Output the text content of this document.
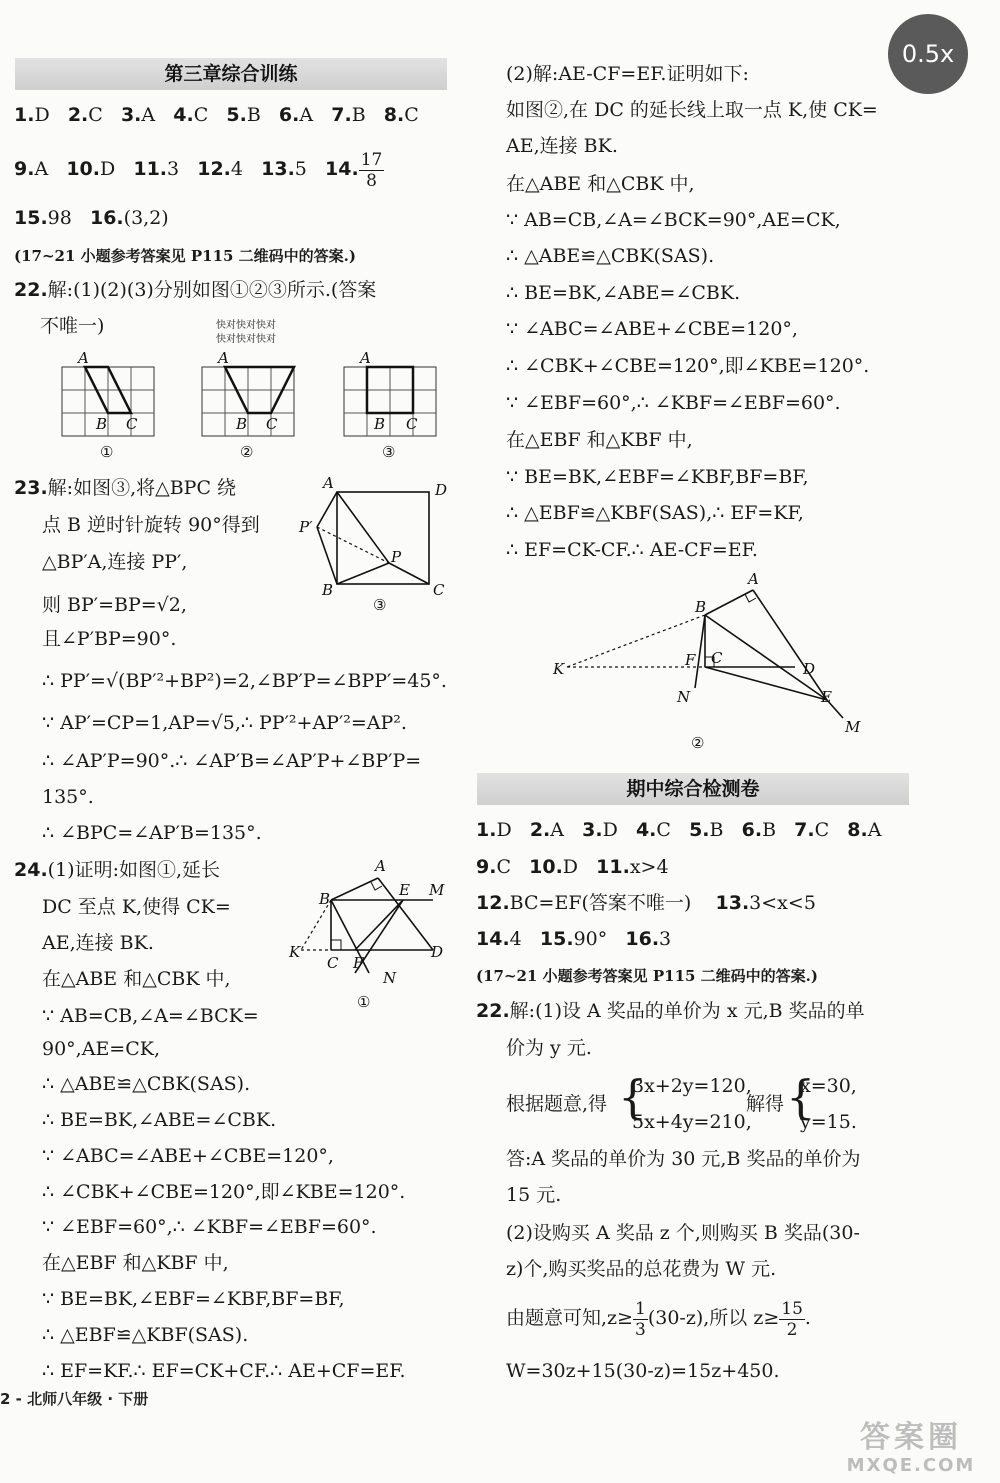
第三章综合训练
1.D 2.C 3.A 4.C 5.B 6.A 7.B 8.C
9.A 10.D 11.3 12.4 13.5 14. $\frac{17}{8}$
15.98 16.(3,2)
(17~21 小题参考答案见 P115 二维码中的答案.)
22.解:(1)(2)(3)分别如图①②③所示.(答案
不唯一)	快对快对快对
快对快对快对
A
B C
A
B C
A
B C
①	②	③
23.解:如图③,将△BPC 绕
点 B 逆时针旋转 90°得到
△BP′A,连接 PP′,
则 BP′=BP=√2,
且∠P′BP=90°.
∴ PP′=√(BP′²+BP²)=2,∠BP′P=∠BPP′=45°.
∵ AP′=CP=1,AP=√5,∴ PP′²+AP′²=AP².
∴ ∠AP′P=90°.∴ ∠AP′B=∠AP′P+∠BP′P=
135°.
∴ ∠BPC=∠AP′B=135°.
A	D
B	C
P
P′
③
24.(1)证明:如图①,延长
DC 至点 K,使得 CK=
AE,连接 BK.
在△ABE 和△CBK 中,
∵ AB=CB,∠A=∠BCK=
90°,AE=CK,
∴ △ABE≌△CBK(SAS).
∴ BE=BK,∠ABE=∠CBK.
∵ ∠ABC=∠ABE+∠CBE=120°,
∴ ∠CBK+∠CBE=120°,即∠KBE=120°.
∵ ∠EBF=60°,∴ ∠KBF=∠EBF=60°.
在△EBF 和△KBF 中,
∵ BE=BK,∠EBF=∠KBF,BF=BF,
∴ △EBF≌△KBF(SAS).
∴ EF=KF.∴ EF=CK+CF.∴ AE+CF=EF.
A
B	E M
K
C F
D
N
①
2 - 北师八年级 · 下册
(2)解:AE-CF=EF.证明如下:
如图②,在 DC 的延长线上取一点 K,使 CK=
AE,连接 BK.
在△ABE 和△CBK 中,
∵ AB=CB,∠A=∠BCK=90°,AE=CK,
∴ △ABE≌△CBK(SAS).
∴ BE=BK,∠ABE=∠CBK.
∵ ∠ABC=∠ABE+∠CBE=120°,
∴ ∠CBK+∠CBE=120°,即∠KBE=120°.
∵ ∠EBF=60°,∴ ∠KBF=∠EBF=60°.
在△EBF 和△KBF 中,
∵ BE=BK,∠EBF=∠KBF,BF=BF,
∴ △EBF≌△KBF(SAS),∴ EF=KF,
∴ EF=CK-CF.∴ AE-CF=EF.
A
B
K	F C
D
N	E
M
②
期中综合检测卷
1.D 2.A 3.D 4.C 5.B 6.B 7.C 8.A
9.C 10.D 11.x>4
12.BC=EF(答案不唯一) 13.3<x<5
14.4 15.90° 16.3
(17~21 小题参考答案见 P115 二维码中的答案.)
22.解:(1)设 A 奖品的单价为 x 元,B 奖品的单
价为 y 元.
根据题意,得 {
3x+2y=120,
5x+4y=210,
解得 {
x=30,
y=15.
答:A 奖品的单价为 30 元,B 奖品的单价为
15 元.
(2)设购买 A 奖品 z 个,则购买 B 奖品(30-
z)个,购买奖品的总花费为 W 元.
由题意可知$,z\ge \frac{1}{3} (30-z)$,所以 $z\ge \frac{15}{2}$ .
W=30z+15(30-z)=15z+450.
答案圈
MXQE.COM
0.5x
